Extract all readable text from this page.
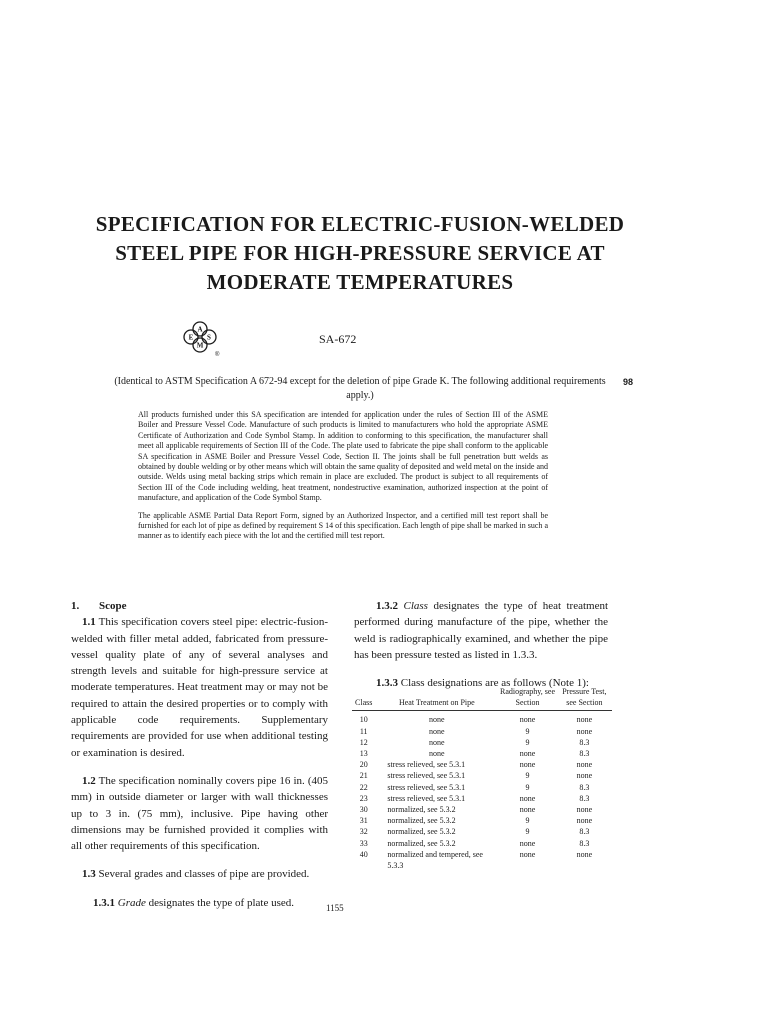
SPECIFICATION FOR ELECTRIC-FUSION-WELDED
STEEL PIPE FOR HIGH-PRESSURE SERVICE AT
MODERATE TEMPERATURES
A
E S
M
®
SA-672
(Identical to ASTM Specification A 672-94 except for the deletion of pipe Grade K. The following additional requirements apply.)
98

All products furnished under this SA specification are intended for application under the rules of Section III of the ASME Boiler and Pressure Vessel Code. Manufacture of such products is limited to manufacturers who hold the appropriate ASME Certificate of Authorization and Code Symbol Stamp. In addition to conforming to this specification, the manufacturer shall meet all applicable requirements of Section III of the Code. The plate used to fabricate the pipe shall conform to the applicable SA specification in ASME Boiler and Pressure Vessel Code, Section II. The joints shall be full penetration butt welds as obtained by double welding or by other means which will obtain the same quality of deposited and weld metal on the inside and outside. Welds using metal backing strips which remain in place are excluded. The product is subject to all requirements of Section III of the Code including welding, heat treatment, nondestructive examination, authorized inspection at the point of manufacture, and application of the Code Symbol Stamp.

The applicable ASME Partial Data Report Form, signed by an Authorized Inspector, and a certified mill test report shall be furnished for each lot of pipe as defined by requirement S 14 of this specification. Each length of pipe shall be marked in such a manner as to identify each piece with the lot and the certified mill test report.

1. Scope

1.1 This specification covers steel pipe: electric-fusion-welded with filler metal added, fabricated from pressure-vessel quality plate of any of several analyses and strength levels and suitable for high-pressure service at moderate temperatures. Heat treatment may or may not be required to attain the desired properties or to comply with applicable code requirements. Supplementary requirements are provided for use when additional testing or examination is desired.

1.2 The specification nominally covers pipe 16 in. (405 mm) in outside diameter or larger with wall thicknesses up to 3 in. (75 mm), inclusive. Pipe having other dimensions may be furnished provided it complies with all other requirements of this specification.

1.3 Several grades and classes of pipe are provided.

1.3.1 Grade designates the type of plate used.

1.3.2 Class designates the type of heat treatment performed during manufacture of the pipe, whether the weld is radiographically examined, and whether the pipe has been pressure tested as listed in 1.3.3.

1.3.3 Class designations are as follows (Note 1):

Class	Heat Treatment on Pipe	Radiography, see Section	Pressure Test, see Section
10	none	none	none
11	none	9	none
12	none	9	8.3
13	none	none	8.3
20	stress relieved, see 5.3.1	none	none
21	stress relieved, see 5.3.1	9	none
22	stress relieved, see 5.3.1	9	8.3
23	stress relieved, see 5.3.1	none	8.3
30	normalized, see 5.3.2	none	none
31	normalized, see 5.3.2	9	none
32	normalized, see 5.3.2	9	8.3
33	normalized, see 5.3.2	none	8.3
40	normalized and tempered, see 5.3.3	none	none
1155
